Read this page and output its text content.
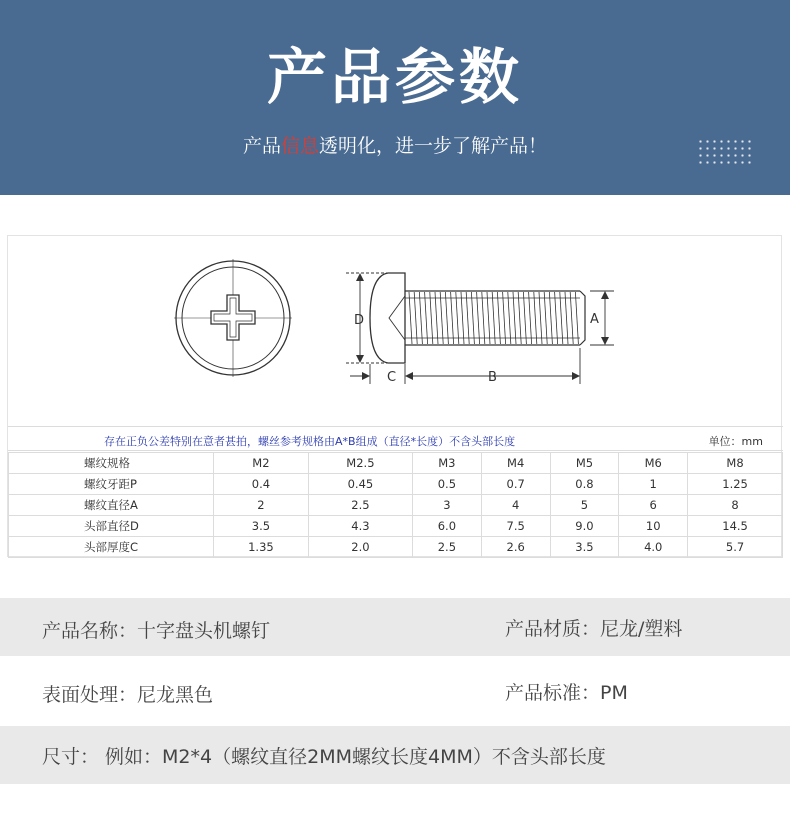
产品参数
产品信息透明化，进一步了解产品！
D
C	B
A
存在正负公差特别在意者甚拍，螺丝参考规格由A*B组成（直径*长度）不含头部长度	单位：mm
螺纹规格	M2	M2.5	M3	M4	M5	M6	M8
螺纹牙距P	0.4	0.45	0.5	0.7	0.8	1	1.25
螺纹直径A	2	2.5	3	4	5	6	8
头部直径D	3.5	4.3	6.0	7.5	9.0	10	14.5
头部厚度C	1.35	2.0	2.5	2.6	3.5	4.0	5.7
产品名称：十字盘头机螺钉	产品材质：尼龙/塑料
表面处理：尼龙黑色	产品标准：PM
尺寸： 例如：M2*4（螺纹直径2MM螺纹长度4MM）不含头部长度
